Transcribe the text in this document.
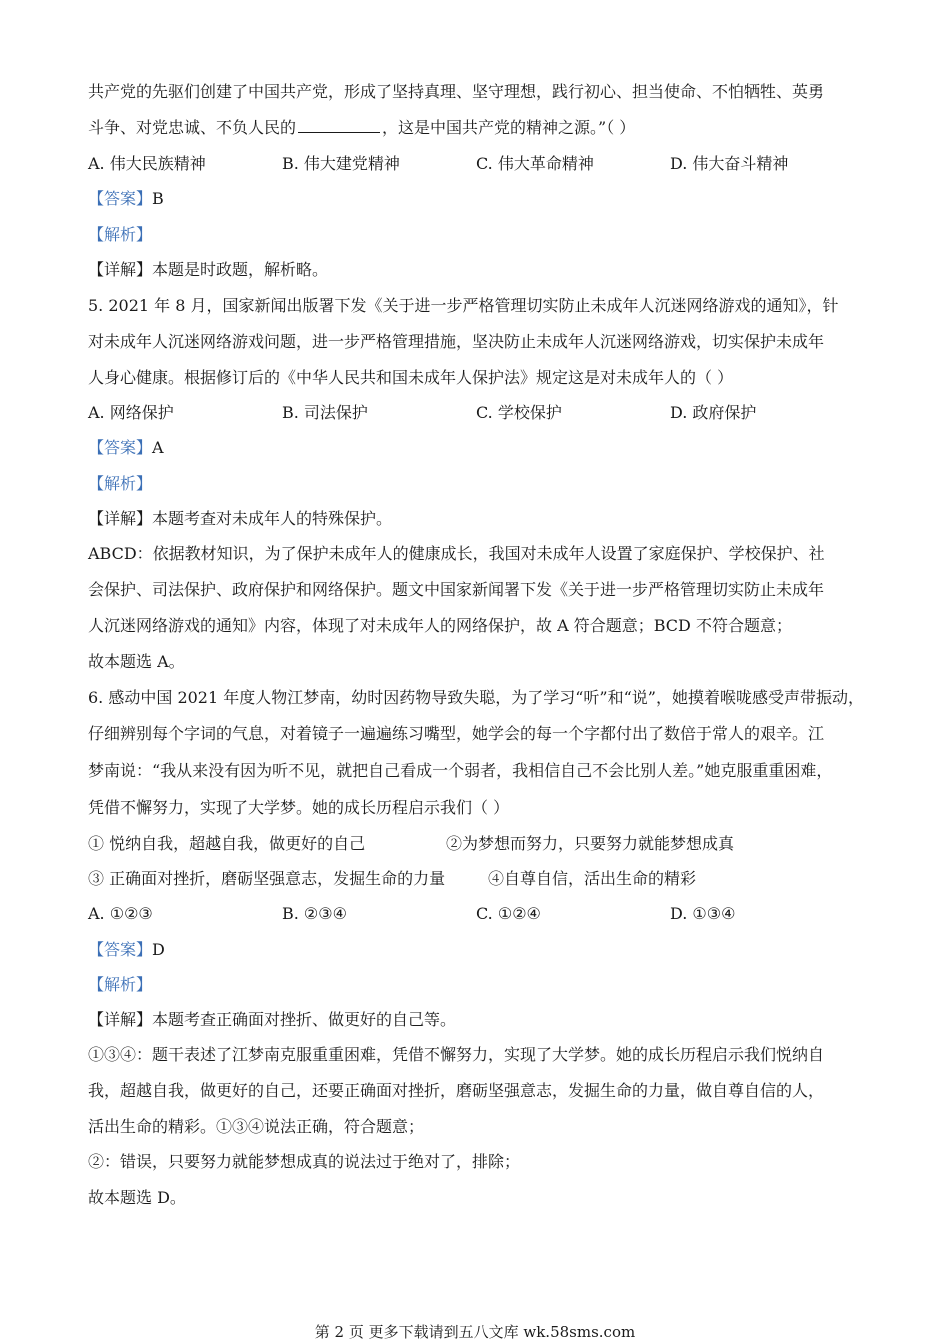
共产党的先驱们创建了中国共产党，形成了坚持真理、坚守理想，践行初心、担当使命、不怕牺牲、英勇
斗争、对党忠诚、不负人民的	，这是中国共产党的精神之源。”（ ）
A. 伟大民族精神	B. 伟大建党精神	C. 伟大革命精神	D. 伟大奋斗精神
【答案】B
【解析】
【详解】本题是时政题，解析略。
5. 2021 年 8 月，国家新闻出版署下发《关于进一步严格管理切实防止未成年人沉迷网络游戏的通知》，针
对未成年人沉迷网络游戏问题，进一步严格管理措施，坚决防止未成年人沉迷网络游戏，切实保护未成年
人身心健康。根据修订后的《中华人民共和国未成年人保护法》规定这是对未成年人的（ ）
A. 网络保护	B. 司法保护	C. 学校保护	D. 政府保护
【答案】A
【解析】
【详解】本题考查对未成年人的特殊保护。
ABCD：依据教材知识，为了保护未成年人的健康成长，我国对未成年人设置了家庭保护、学校保护、社
会保护、司法保护、政府保护和网络保护。题文中国家新闻署下发《关于进一步严格管理切实防止未成年
人沉迷网络游戏的通知》内容，体现了对未成年人的网络保护，故 A 符合题意；BCD 不符合题意；
故本题选 A。
6. 感动中国 2021 年度人物江梦南，幼时因药物导致失聪，为了学习“听”和“说”，她摸着喉咙感受声带振动，
仔细辨别每个字词的气息，对着镜子一遍遍练习嘴型，她学会的每一个字都付出了数倍于常人的艰辛。江
梦南说：“我从来没有因为听不见，就把自己看成一个弱者，我相信自己不会比别人差。”她克服重重困难，
凭借不懈努力，实现了大学梦。她的成长历程启示我们（ ）
① 悦纳自我，超越自我，做更好的自己	②为梦想而努力，只要努力就能梦想成真
③ 正确面对挫折，磨砺坚强意志，发掘生命的力量	④自尊自信，活出生命的精彩
A. ①②③	B. ②③④	C. ①②④	D. ①③④
【答案】D
【解析】
【详解】本题考查正确面对挫折、做更好的自己等。
①③④：题干表述了江梦南克服重重困难，凭借不懈努力，实现了大学梦。她的成长历程启示我们悦纳自
我，超越自我，做更好的自己，还要正确面对挫折，磨砺坚强意志，发掘生命的力量，做自尊自信的人，
活出生命的精彩。①③④说法正确，符合题意；
②：错误，只要努力就能梦想成真的说法过于绝对了，排除；
故本题选 D。
第 2 页 更多下载请到五八文库 wk.58sms.com
